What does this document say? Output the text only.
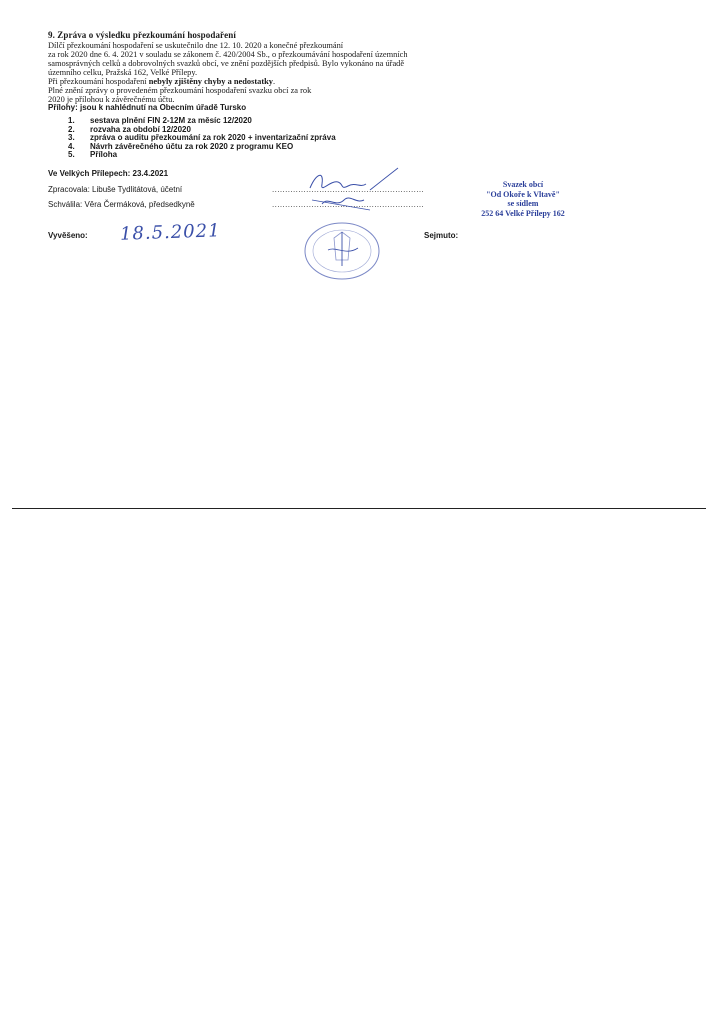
9. Zpráva o výsledku přezkoumání hospodaření
Dílčí přezkoumání hospodaření se uskutečnilo dne 12. 10. 2020 a konečné přezkoumání
za rok 2020 dne 6. 4. 2021 v souladu se zákonem č. 420/2004 Sb., o přezkoumávání hospodaření územních
samosprávných celků a dobrovolných svazků obcí, ve znění pozdějších předpisů. Bylo vykonáno na úřadě
územního celku, Pražská 162, Velké Přílepy.
Při přezkoumání hospodaření nebyly zjištěny chyby a nedostatky.
Plné znění zprávy o provedeném přezkoumání hospodaření svazku obcí za rok
2020 je přílohou k závěrečnému účtu.
Přílohy: jsou k nahlédnutí na Obecním úřadě Tursko
1.	sestava plnění FIN 2-12M za měsíc 12/2020
2.	rozvaha za období 12/2020
3.	zpráva o auditu přezkoumání za rok 2020 + inventarizační zpráva
4.	Návrh závěrečného účtu za rok 2020 z programu KEO
5.	Příloha
Ve Velkých Přílepech: 23.4.2021
Zpracovala: Libuše Tydlitátová, účetní	..........................................................
Schválila: Věra Čermáková, předsedkyně	..........................................................
Svazek obcí
"Od Okoře k Vltavě"
se sídlem
252 64 Velké Přílepy 162
Vyvěšeno: 18.5.2021	Sejmuto:
